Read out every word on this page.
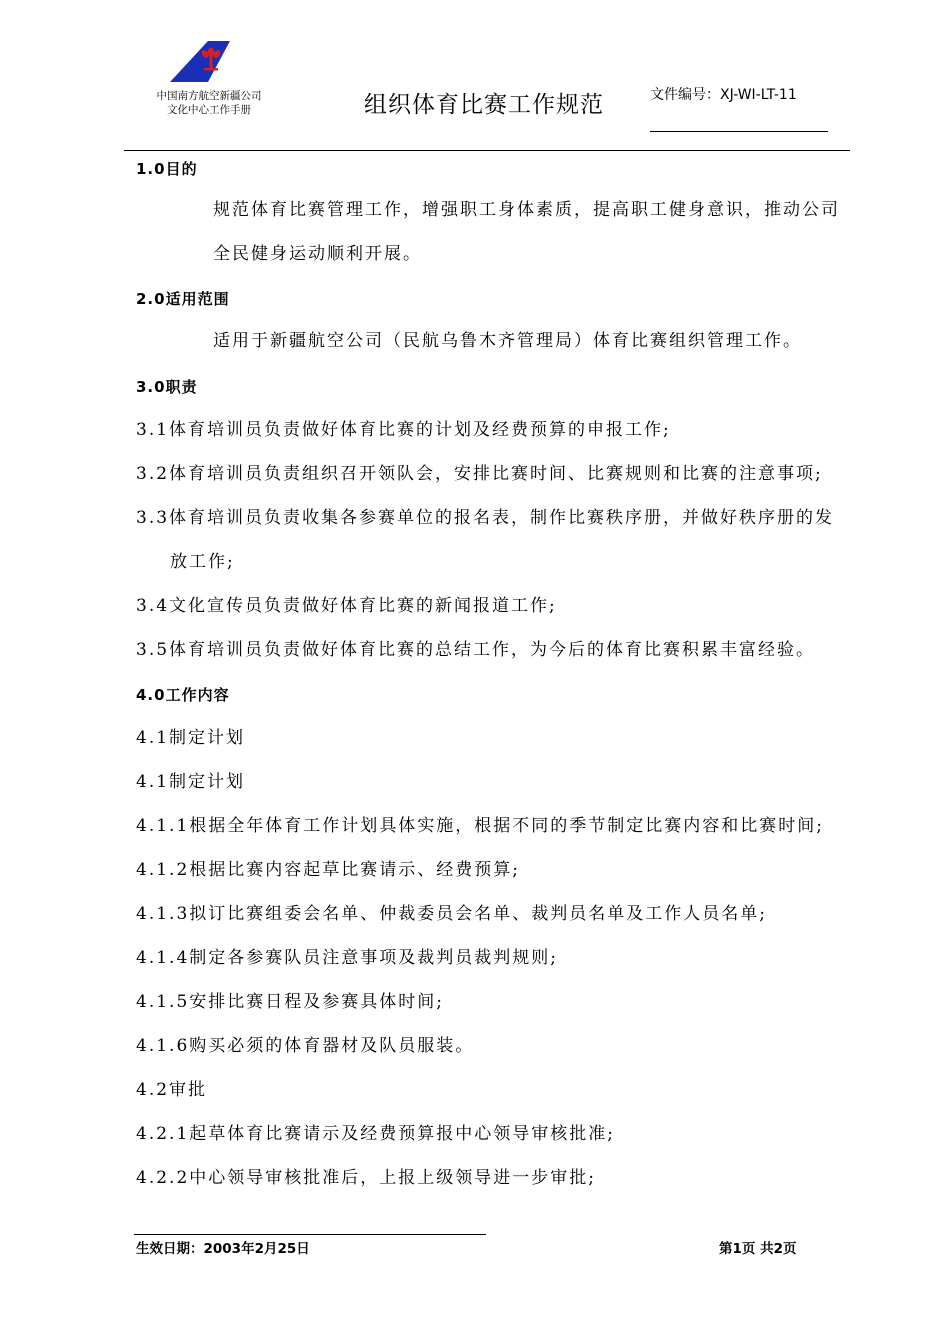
中国南方航空新疆公司
文化中心工作手册	组织体育比赛工作规范	文件编号：XJ-WI-LT-11
1.0目的
规范体育比赛管理工作，增强职工身体素质，提高职工健身意识，推动公司
全民健身运动顺利开展。
2.0适用范围
适用于新疆航空公司（民航乌鲁木齐管理局）体育比赛组织管理工作。
3.0职责
3.1体育培训员负责做好体育比赛的计划及经费预算的申报工作;
3.2体育培训员负责组织召开领队会，安排比赛时间、比赛规则和比赛的注意事项;
3.3体育培训员负责收集各参赛单位的报名表，制作比赛秩序册，并做好秩序册的发
放工作;
3.4文化宣传员负责做好体育比赛的新闻报道工作;
3.5体育培训员负责做好体育比赛的总结工作，为今后的体育比赛积累丰富经验。
4.0工作内容
4.1制定计划
4.1制定计划
4.1.1根据全年体育工作计划具体实施，根据不同的季节制定比赛内容和比赛时间;
4.1.2根据比赛内容起草比赛请示、经费预算;
4.1.3拟订比赛组委会名单、仲裁委员会名单、裁判员名单及工作人员名单;
4.1.4制定各参赛队员注意事项及裁判员裁判规则;
4.1.5安排比赛日程及参赛具体时间;
4.1.6购买必须的体育器材及队员服装。
4.2审批
4.2.1起草体育比赛请示及经费预算报中心领导审核批准;
4.2.2中心领导审核批准后，上报上级领导进一步审批;
生效日期：2003年2月25日	第1页 共2页
